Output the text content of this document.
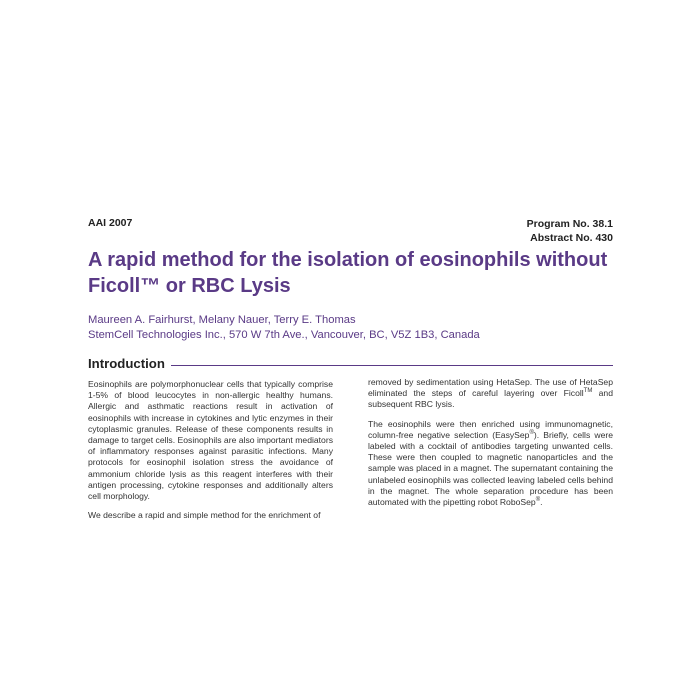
AAI 2007	Program No. 38.1
Abstract No. 430
A rapid method for the isolation of eosinophils without
Ficoll™ or RBC Lysis
Maureen A. Fairhurst, Melany Nauer, Terry E. Thomas
StemCell Technologies Inc., 570 W 7th Ave., Vancouver, BC, V5Z 1B3, Canada
Introduction

Eosinophils are polymorphonuclear cells that typically comprise 1-5% of blood leucocytes in non-allergic healthy humans. Allergic and asthmatic reactions result in activation of eosinophils with increase in cytokines and lytic enzymes in their cytoplasmic granules. Release of these components results in damage to target cells. Eosinophils are also important mediators of inflammatory responses against parasitic infections. Many protocols for eosinophil isolation stress the avoidance of ammonium chloride lysis as this reagent interferes with their antigen processing, cytokine responses and additionally alters cell morphology.

We describe a rapid and simple method for the enrichment of

removed by sedimentation using HetaSep. The use of HetaSep eliminated the steps of careful layering over Ficoll™ and subsequent RBC lysis.

The eosinophils were then enriched using immunomagnetic, column-free negative selection (EasySep®). Briefly, cells were labeled with a cocktail of antibodies targeting unwanted cells. These were then coupled to magnetic nanoparticles and the sample was placed in a magnet. The supernatant containing the unlabeled eosinophils was collected leaving labeled cells behind in the magnet. The whole separation procedure has been automated with the pipetting robot RoboSep®.
